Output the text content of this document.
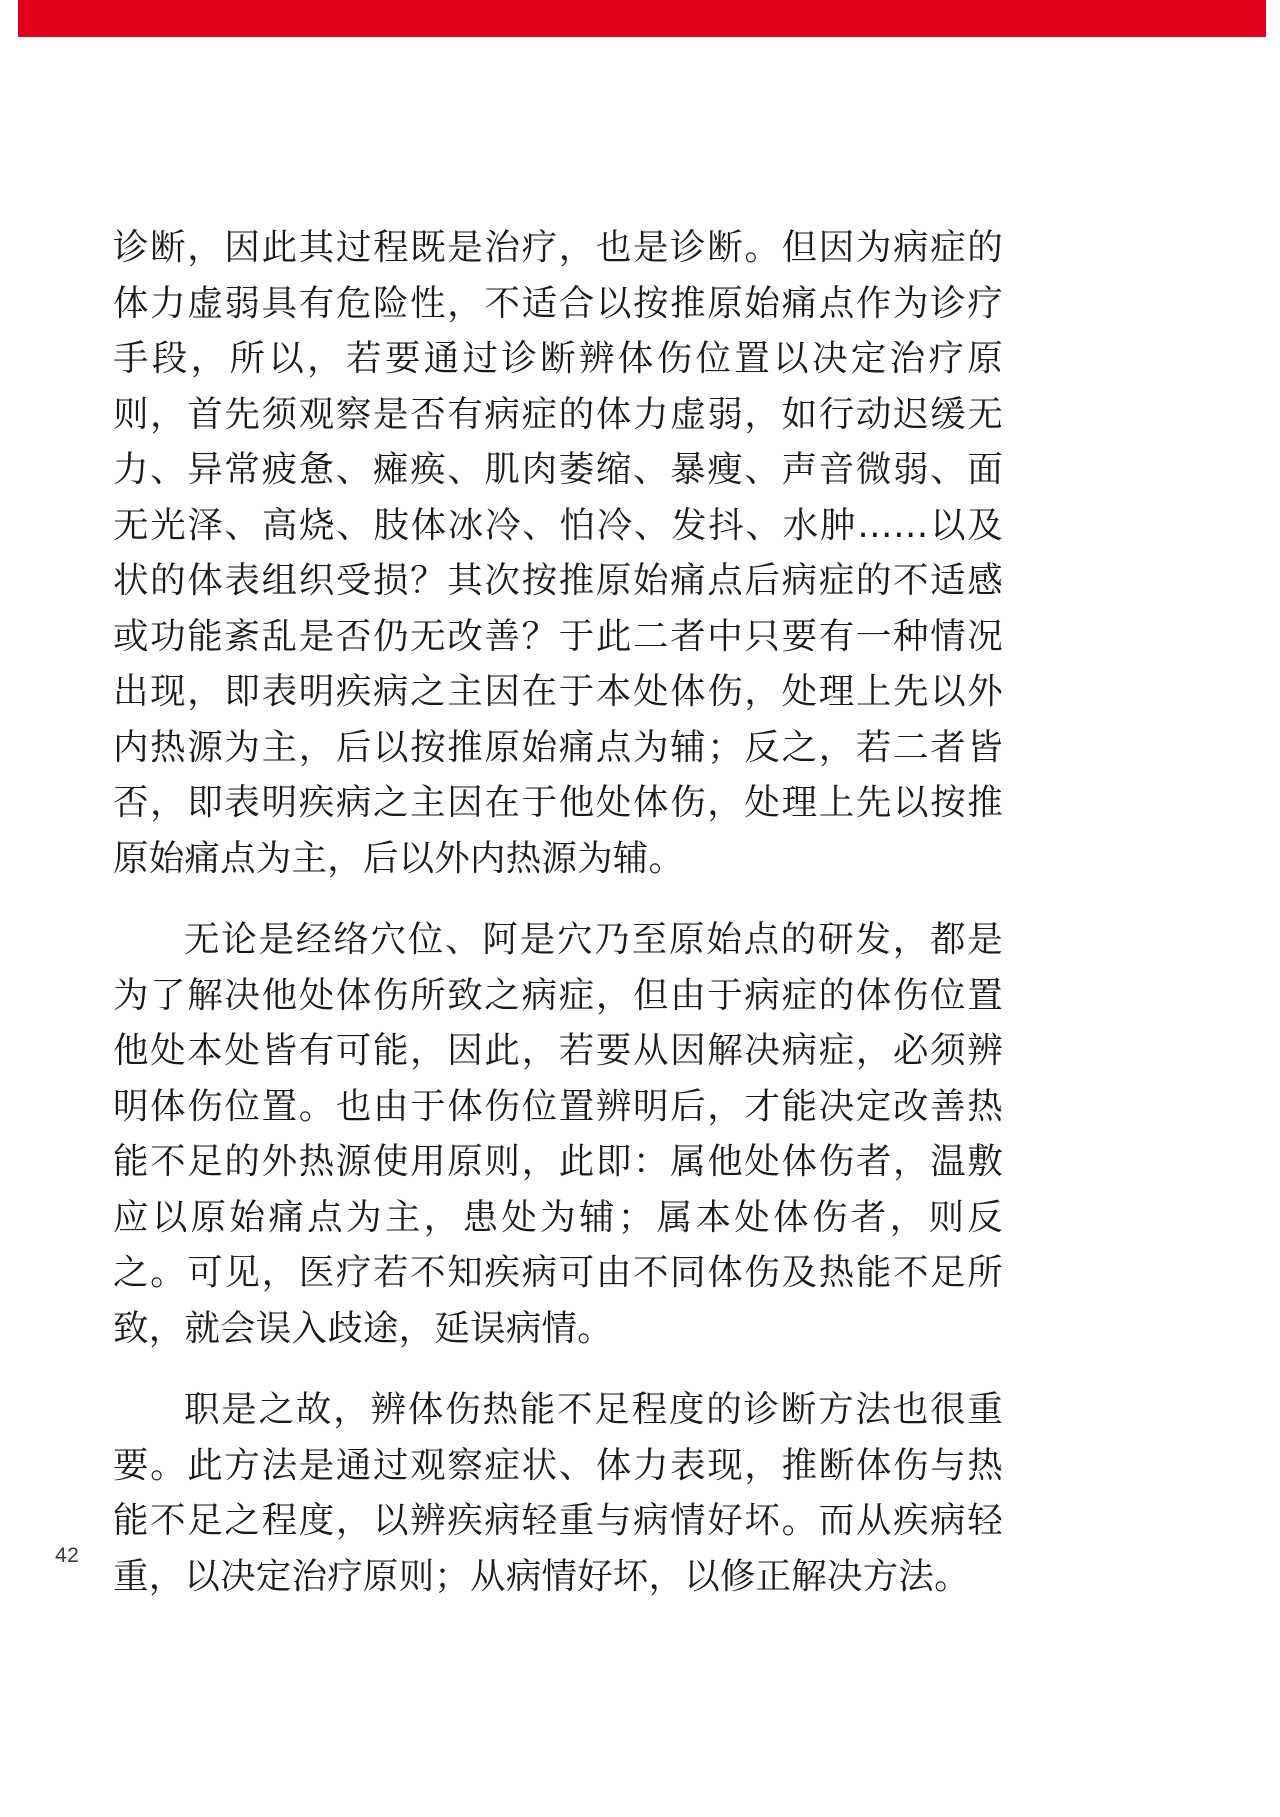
诊断，因此其过程既是治疗，也是诊断。但因为病症的体力虚弱具有危险性，不适合以按推原始痛点作为诊疗手段，所以，若要通过诊断辨体伤位置以决定治疗原则，首先须观察是否有病症的体力虚弱，如行动迟缓无力、异常疲惫、瘫痪、肌肉萎缩、暴瘦、声音微弱、面无光泽、高烧、肢体冰冷、怕冷、发抖、水肿……以及状的体表组织受损？其次按推原始痛点后病症的不适感或功能紊乱是否仍无改善？于此二者中只要有一种情况出现，即表明疾病之主因在于本处体伤，处理上先以外内热源为主，后以按推原始痛点为辅；反之，若二者皆否，即表明疾病之主因在于他处体伤，处理上先以按推原始痛点为主，后以外内热源为辅。

无论是经络穴位、阿是穴乃至原始点的研发，都是为了解决他处体伤所致之病症，但由于病症的体伤位置他处本处皆有可能，因此，若要从因解决病症，必须辨明体伤位置。也由于体伤位置辨明后，才能决定改善热能不足的外热源使用原则，此即：属他处体伤者，温敷应以原始痛点为主，患处为辅；属本处体伤者，则反之。可见，医疗若不知疾病可由不同体伤及热能不足所致，就会误入歧途，延误病情。

职是之故，辨体伤热能不足程度的诊断方法也很重要。此方法是通过观察症状、体力表现，推断体伤与热能不足之程度，以辨疾病轻重与病情好坏。而从疾病轻重，以决定治疗原则；从病情好坏，以修正解决方法。

42
